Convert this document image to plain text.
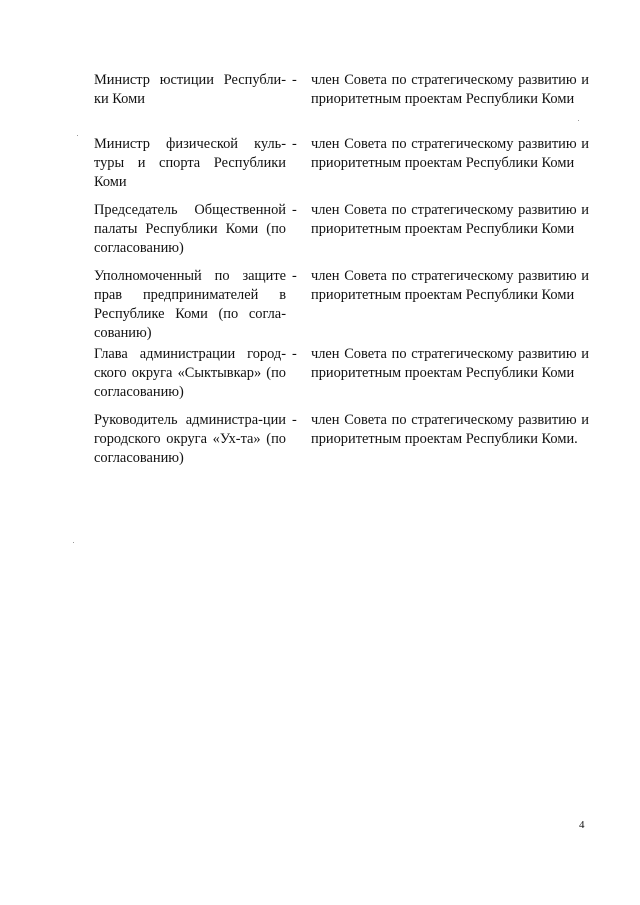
Министр юстиции Республи-ки Коми
- член Совета по стратегическому развитию и приоритетным проектам Республики Коми
Министр физической куль-туры и спорта Республики Коми
- член Совета по стратегическому развитию и приоритетным проектам Республики Коми
Председатель Общественной палаты Республики Коми (по согласованию)
- член Совета по стратегическому развитию и приоритетным проектам Республики Коми
Уполномоченный по защите прав предпринимателей в Республике Коми (по согла-сованию)
- член Совета по стратегическому развитию и приоритетным проектам Республики Коми
Глава администрации город-ского округа «Сыктывкар» (по согласованию)
- член Совета по стратегическому развитию и приоритетным проектам Республики Коми
Руководитель администра-ции городского округа «Ух-та» (по согласованию)
- член Совета по стратегическому развитию и приоритетным проектам Республики Коми.
4
